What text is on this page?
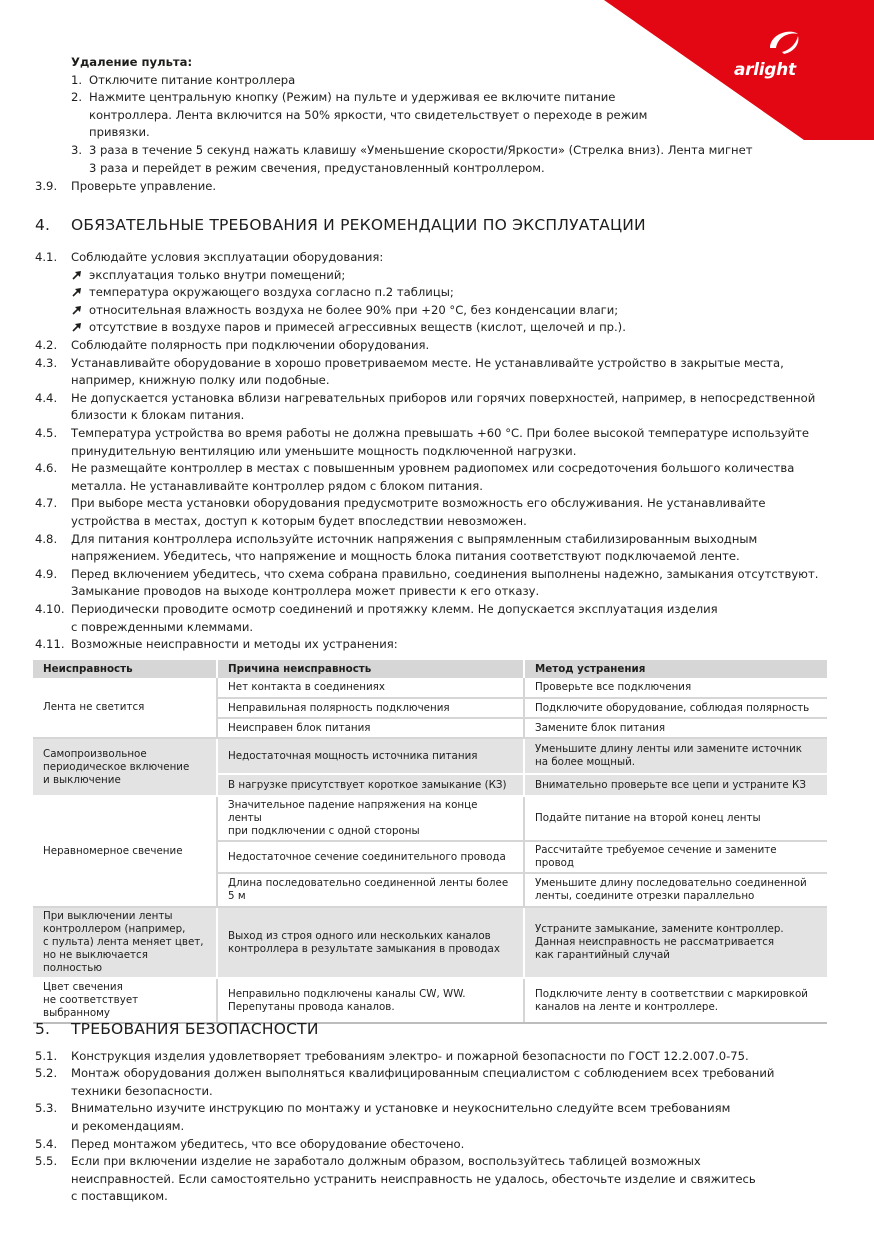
arlight
Удаление пульта:
1. Отключите питание контроллера
2. Нажмите центральную кнопку (Режим) на пульте и удерживая ее включите питание
контроллера. Лента включится на 50% яркости, что свидетельствует о переходе в режим
привязки.
3. 3 раза в течение 5 секунд нажать клавишу «Уменьшение скорости/Яркости» (Стрелка вниз). Лента мигнет
3 раза и перейдет в режим свечения, предустановленный контроллером.
3.9. Проверьте управление.
4. ОБЯЗАТЕЛЬНЫЕ ТРЕБОВАНИЯ И РЕКОМЕНДАЦИИ ПО ЭКСПЛУАТАЦИИ
4.1. Соблюдайте условия эксплуатации оборудования:
4.2. Соблюдайте полярность при подключении оборудования.
4.3. Устанавливайте оборудование в хорошо проветриваемом месте. Не устанавливайте устройство в закрытые места,
например, книжную полку или подобные.
4.4. Не допускается установка вблизи нагревательных приборов или горячих поверхностей, например, в непосредственной
близости к блокам питания.
4.5. Температура устройства во время работы не должна превышать +60 °С. При более высокой температуре используйте
принудительную вентиляцию или уменьшите мощность подключенной нагрузки.
4.6. Не размещайте контроллер в местах с повышенным уровнем радиопомех или сосредоточения большого количества
металла. Не устанавливайте контроллер рядом с блоком питания.
4.7. При выборе места установки оборудования предусмотрите возможность его обслуживания. Не устанавливайте
устройства в местах, доступ к которым будет впоследствии невозможен.
4.8. Для питания контроллера используйте источник напряжения с выпрямленным стабилизированным выходным
напряжением. Убедитесь, что напряжение и мощность блока питания соответствуют подключаемой ленте.
4.9. Перед включением убедитесь, что схема собрана правильно, соединения выполнены надежно, замыкания отсутствуют.
Замыкание проводов на выходе контроллера может привести к его отказу.
4.10. Периодически проводите осмотр соединений и протяжку клемм. Не допускается эксплуатация изделия
с поврежденными клеммами.
4.11. Возможные неисправности и методы их устранения:
эксплуатация только внутри помещений;
температура окружающего воздуха согласно п.2 таблицы;
относительная влажность воздуха не более 90% при +20 °C, без конденсации влаги;
отсутствие в воздухе паров и примесей агрессивных веществ (кислот, щелочей и пр.).
Неисправность	Причина неисправность	Метод устранения
Лента не светится	Нет контакта в соединениях	Проверьте все подключения
	Неправильная полярность подключения	Подключите оборудование, соблюдая полярность
	Неисправен блок питания	Замените блок питания
Самопроизвольное
периодическое включение
и выключение	Недостаточная мощность источника питания	Уменьшите длину ленты или замените источник
на более мощный.
	В нагрузке присутствует короткое замыкание (КЗ)	Внимательно проверьте все цепи и устраните КЗ
Неравномерное свечение	Значительное падение напряжения на конце ленты
при подключении с одной стороны	Подайте питание на второй конец ленты
	Недостаточное сечение соединительного провода	Рассчитайте требуемое сечение и замените провод
	Длина последовательно соединенной ленты более 5 м	Уменьшите длину последовательно соединенной
ленты, соедините отрезки параллельно
При выключении ленты
контроллером (например,
с пульта) лента меняет цвет,
но не выключается полностью	Выход из строя одного или нескольких каналов
контроллера в результате замыкания в проводах	Устраните замыкание, замените контроллер.
Данная неисправность не рассматривается
как гарантийный случай
Цвет свечения
не соответствует выбранному	Неправильно подключены каналы CW, WW.
Перепутаны провода каналов.	Подключите ленту в соответствии с маркировкой
каналов на ленте и контроллере.
5. ТРЕБОВАНИЯ БЕЗОПАСНОСТИ
5.1. Конструкция изделия удовлетворяет требованиям электро- и пожарной безопасности по ГОСТ 12.2.007.0-75.
5.2. Монтаж оборудования должен выполняться квалифицированным специалистом с соблюдением всех требований
техники безопасности.
5.3. Внимательно изучите инструкцию по монтажу и установке и неукоснительно следуйте всем требованиям
и рекомендациям.
5.4. Перед монтажом убедитесь, что все оборудование обесточено.
5.5. Если при включении изделие не заработало должным образом, воспользуйтесь таблицей возможных
неисправностей. Если самостоятельно устранить неисправность не удалось, обесточьте изделие и свяжитесь
с поставщиком.
